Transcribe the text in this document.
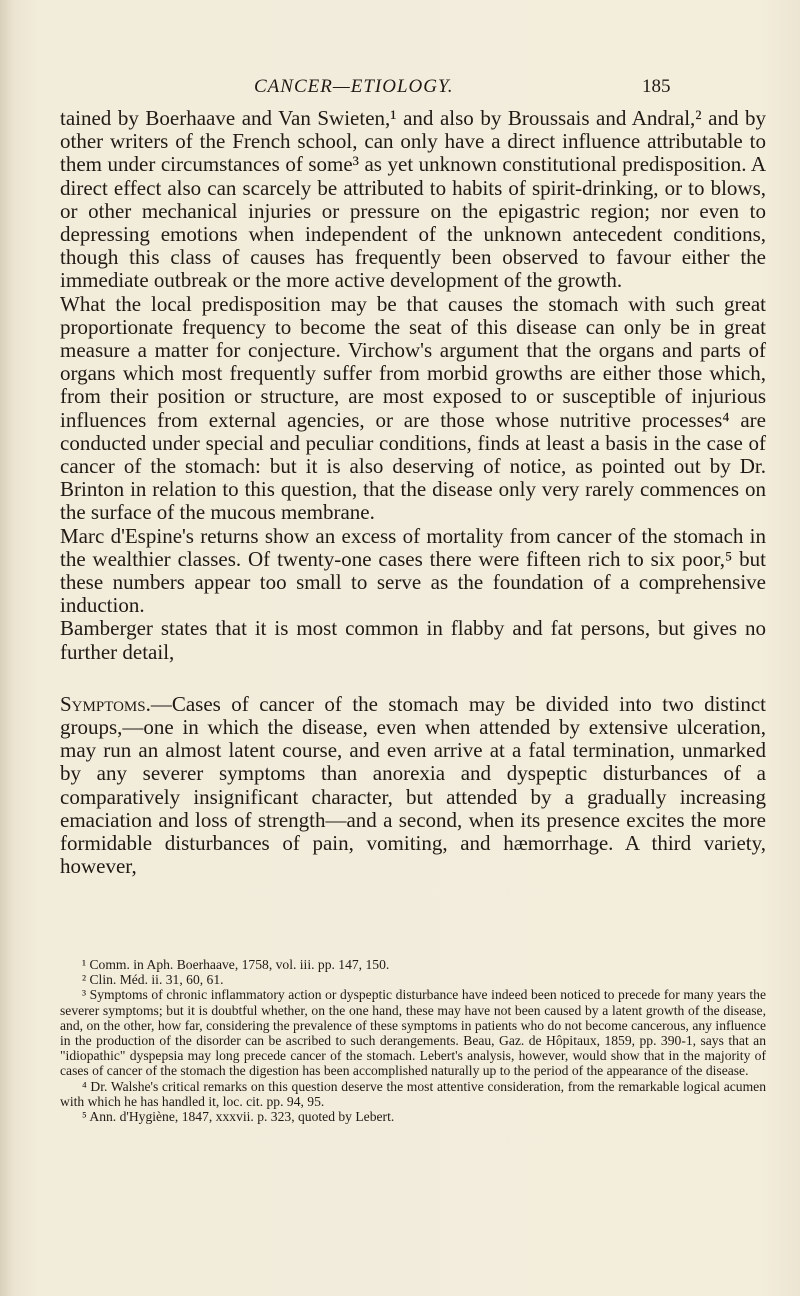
CANCER—ETIOLOGY.	185

tained by Boerhaave and Van Swieten,¹ and also by Broussais and Andral,² and by other writers of the French school, can only have a direct influence attributable to them under circumstances of some³ as yet unknown constitutional predisposition. A direct effect also can scarcely be attributed to habits of spirit-drinking, or to blows, or other mechanical injuries or pressure on the epigastric region; nor even to depressing emotions when independent of the unknown antecedent conditions, though this class of causes has frequently been observed to favour either the immediate outbreak or the more active development of the growth.

What the local predisposition may be that causes the stomach with such great proportionate frequency to become the seat of this disease can only be in great measure a matter for conjecture. Virchow's argument that the organs and parts of organs which most frequently suffer from morbid growths are either those which, from their position or structure, are most exposed to or susceptible of injurious influences from external agencies, or are those whose nutritive processes⁴ are conducted under special and peculiar conditions, finds at least a basis in the case of cancer of the stomach: but it is also deserving of notice, as pointed out by Dr. Brinton in relation to this question, that the disease only very rarely commences on the surface of the mucous membrane.

Marc d'Espine's returns show an excess of mortality from cancer of the stomach in the wealthier classes. Of twenty-one cases there were fifteen rich to six poor,⁵ but these numbers appear too small to serve as the foundation of a comprehensive induction.

Bamberger states that it is most common in flabby and fat persons, but gives no further detail,

Symptoms.—Cases of cancer of the stomach may be divided into two distinct groups,—one in which the disease, even when attended by extensive ulceration, may run an almost latent course, and even arrive at a fatal termination, unmarked by any severer symptoms than anorexia and dyspeptic disturbances of a comparatively insignificant character, but attended by a gradually increasing emaciation and loss of strength—and a second, when its presence excites the more formidable disturbances of pain, vomiting, and hæmorrhage. A third variety, however,

¹ Comm. in Aph. Boerhaave, 1758, vol. iii. pp. 147, 150.

² Clin. Méd. ii. 31, 60, 61.

³ Symptoms of chronic inflammatory action or dyspeptic disturbance have indeed been noticed to precede for many years the severer symptoms; but it is doubtful whether, on the one hand, these may have not been caused by a latent growth of the disease, and, on the other, how far, considering the prevalence of these symptoms in patients who do not become cancerous, any influence in the production of the disorder can be ascribed to such derangements. Beau, Gaz. de Hôpitaux, 1859, pp. 390-1, says that an "idiopathic" dyspepsia may long precede cancer of the stomach. Lebert's analysis, however, would show that in the majority of cases of cancer of the stomach the digestion has been accomplished naturally up to the period of the appearance of the disease.

⁴ Dr. Walshe's critical remarks on this question deserve the most attentive consideration, from the remarkable logical acumen with which he has handled it, loc. cit. pp. 94, 95.

⁵ Ann. d'Hygiène, 1847, xxxvii. p. 323, quoted by Lebert.
